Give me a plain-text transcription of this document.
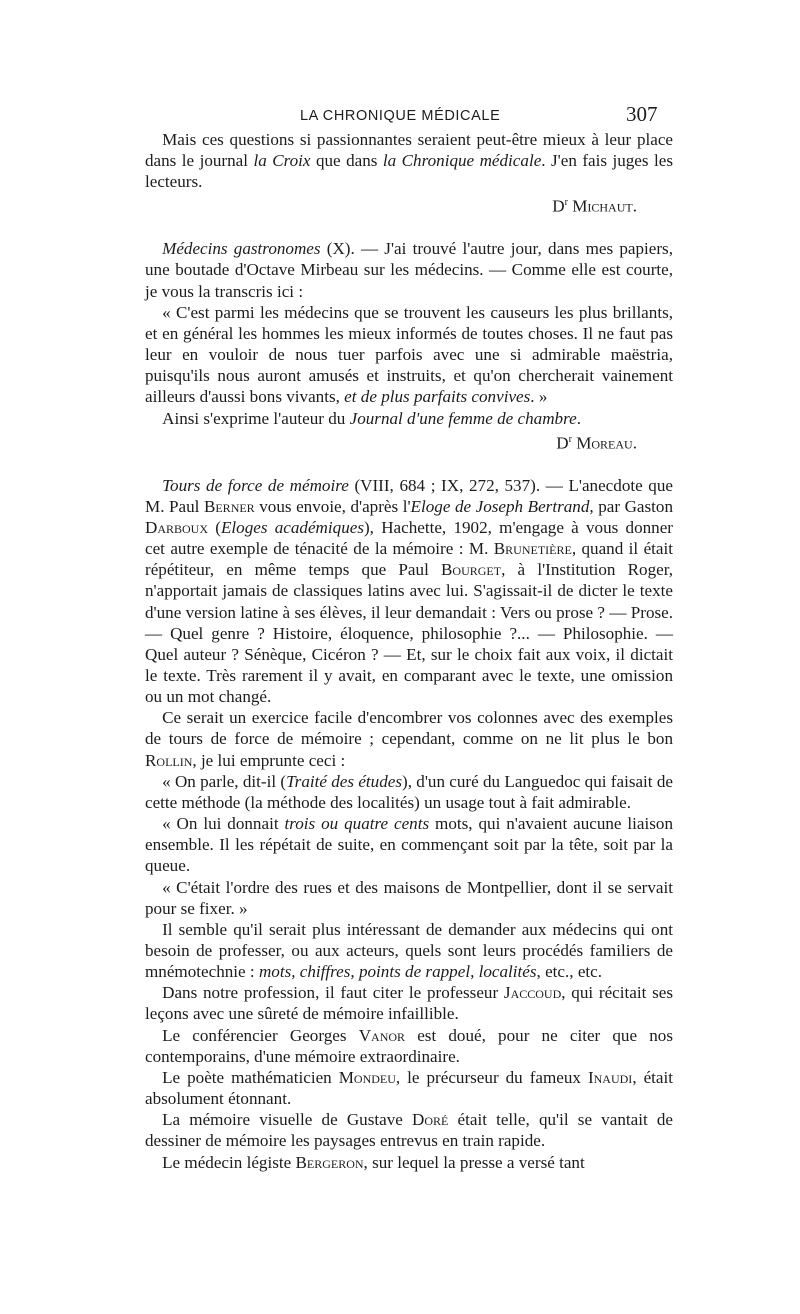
LA CHRONIQUE MÉDICALE	307

Mais ces questions si passionnantes seraient peut-être mieux à leur place dans le journal la Croix que dans la Chronique médicale. J'en fais juges les lecteurs.

$D^r$ Michaut.

Médecins gastronomes (X). — J'ai trouvé l'autre jour, dans mes papiers, une boutade d'Octave Mirbeau sur les médecins. — Comme elle est courte, je vous la transcris ici :

« C'est parmi les médecins que se trouvent les causeurs les plus brillants, et en général les hommes les mieux informés de toutes choses. Il ne faut pas leur en vouloir de nous tuer parfois avec une si admirable maëstria, puisqu'ils nous auront amusés et instruits, et qu'on chercherait vainement ailleurs d'aussi bons vivants, et de plus parfaits convives. »

Ainsi s'exprime l'auteur du Journal d'une femme de chambre.

$D^r$ Moreau.

Tours de force de mémoire (VIII, 684 ; IX, 272, 537). — L'anecdote que M. Paul Berner vous envoie, d'après l'Eloge de Joseph Bertrand, par Gaston Darboux (Eloges académiques), Hachette, 1902, m'engage à vous donner cet autre exemple de ténacité de la mémoire : M. Brunetière, quand il était répétiteur, en même temps que Paul Bourget, à l'Institution Roger, n'apportait jamais de classiques latins avec lui. S'agissait-il de dicter le texte d'une version latine à ses élèves, il leur demandait : Vers ou prose ? — Prose. — Quel genre ? Histoire, éloquence, philosophie ?... — Philosophie. — Quel auteur ? Sénèque, Cicéron ? — Et, sur le choix fait aux voix, il dictait le texte. Très rarement il y avait, en comparant avec le texte, une omission ou un mot changé.

Ce serait un exercice facile d'encombrer vos colonnes avec des exemples de tours de force de mémoire ; cependant, comme on ne lit plus le bon Rollin, je lui emprunte ceci :

« On parle, dit-il (Traité des études), d'un curé du Languedoc qui faisait de cette méthode (la méthode des localités) un usage tout à fait admirable.

« On lui donnait trois ou quatre cents mots, qui n'avaient aucune liaison ensemble. Il les répétait de suite, en commençant soit par la tête, soit par la queue.

« C'était l'ordre des rues et des maisons de Montpellier, dont il se servait pour se fixer. »

Il semble qu'il serait plus intéressant de demander aux médecins qui ont besoin de professer, ou aux acteurs, quels sont leurs procédés familiers de mnémotechnie : mots, chiffres, points de rappel, localités, etc., etc.

Dans notre profession, il faut citer le professeur Jaccoud, qui récitait ses leçons avec une sûreté de mémoire infaillible.

Le conférencier Georges Vanor est doué, pour ne citer que nos contemporains, d'une mémoire extraordinaire.

Le poète mathématicien Mondeu, le précurseur du fameux Inaudi, était absolument étonnant.

La mémoire visuelle de Gustave Doré était telle, qu'il se vantait de dessiner de mémoire les paysages entrevus en train rapide.

Le médecin légiste Bergeron, sur lequel la presse a versé tant
